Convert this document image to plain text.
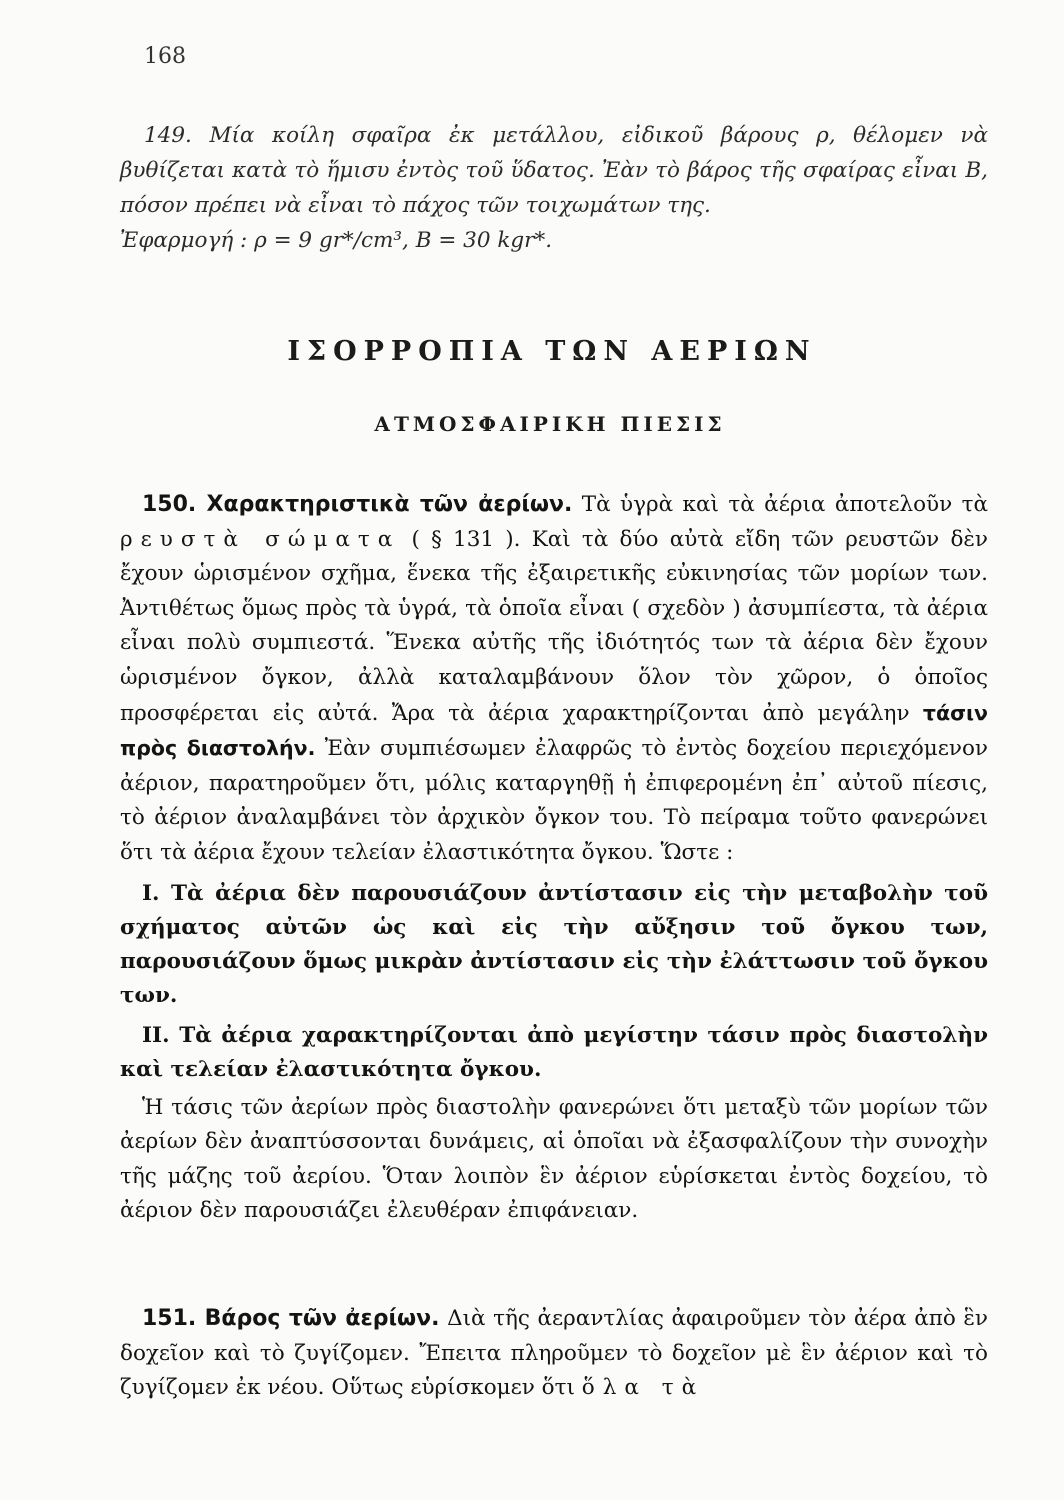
168

149. Μία κοίλη σφαῖρα ἐκ μετάλλου, εἰδικοῦ βάρους ρ, θέλομεν νὰ βυθίζεται κατὰ τὸ ἥμισυ ἐντὸς τοῦ ὕδατος. Ἐὰν τὸ βάρος τῆς σφαίρας εἶναι Β, πόσον πρέπει νὰ εἶναι τὸ πάχος τῶν τοιχωμάτων της.

Ἐφαρμογή : ρ = 9 gr*/cm³, Β = 30 kgr*.

ΙΣΟΡΡΟΠΙΑ ΤΩΝ ΑΕΡΙΩΝ
ΑΤΜΟΣΦΑΙΡΙΚΗ ΠΙΕΣΙΣ

150. Χαρακτηριστικὰ τῶν ἀερίων. Τὰ ὑγρὰ καὶ τὰ ἀέρια ἀποτελοῦν τὰ ρευστὰ σώματα ( § 131 ). Καὶ τὰ δύο αὐτὰ εἴδη τῶν ρευστῶν δὲν ἔχουν ὡρισμένον σχῆμα, ἕνεκα τῆς ἐξαιρετικῆς εὐκινησίας τῶν μορίων των. Ἀντιθέτως ὅμως πρὸς τὰ ὑγρά, τὰ ὁποῖα εἶναι ( σχεδὸν ) ἀσυμπίεστα, τὰ ἀέρια εἶναι πολὺ συμπιεστά. Ἕνεκα αὐτῆς τῆς ἰδιότητός των τὰ ἀέρια δὲν ἔχουν ὡρισμένον ὄγκον, ἀλλὰ καταλαμβάνουν ὅλον τὸν χῶρον, ὁ ὁποῖος προσφέρεται εἰς αὐτά. Ἄρα τὰ ἀέρια χαρακτηρίζονται ἀπὸ μεγάλην τάσιν πρὸς διαστολήν. Ἐὰν συμπιέσωμεν ἐλαφρῶς τὸ ἐντὸς δοχείου περιεχόμενον ἀέριον, παρατηροῦμεν ὅτι, μόλις καταργηθῇ ἡ ἐπιφερομένη ἐπ᾽ αὐτοῦ πίεσις, τὸ ἀέριον ἀναλαμβάνει τὸν ἀρχικὸν ὄγκον του. Τὸ πείραμα τοῦτο φανερώνει ὅτι τὰ ἀέρια ἔχουν τελείαν ἐλαστικότητα ὄγκου. Ὥστε :

I. Τὰ ἀέρια δὲν παρουσιάζουν ἀντίστασιν εἰς τὴν μεταβολὴν τοῦ σχήματος αὐτῶν ὡς καὶ εἰς τὴν αὔξησιν τοῦ ὄγκου των, παρουσιάζουν ὅμως μικρὰν ἀντίστασιν εἰς τὴν ἐλάττωσιν τοῦ ὄγκου των.

II. Τὰ ἀέρια χαρακτηρίζονται ἀπὸ μεγίστην τάσιν πρὸς διαστολὴν καὶ τελείαν ἐλαστικότητα ὄγκου.

Ἡ τάσις τῶν ἀερίων πρὸς διαστολὴν φανερώνει ὅτι μεταξὺ τῶν μορίων τῶν ἀερίων δὲν ἀναπτύσσονται δυνάμεις, αἱ ὁποῖαι νὰ ἐξασφαλίζουν τὴν συνοχὴν τῆς μάζης τοῦ ἀερίου. Ὅταν λοιπὸν ἓν ἀέριον εὑρίσκεται ἐντὸς δοχείου, τὸ ἀέριον δὲν παρουσιάζει ἐλευθέραν ἐπιφάνειαν.

151. Βάρος τῶν ἀερίων. Διὰ τῆς ἀεραντλίας ἀφαιροῦμεν τὸν ἀέρα ἀπὸ ἓν δοχεῖον καὶ τὸ ζυγίζομεν. Ἔπειτα πληροῦμεν τὸ δοχεῖον μὲ ἓν ἀέριον καὶ τὸ ζυγίζομεν ἐκ νέου. Οὕτως εὑρίσκομεν ὅτι ὅλα τὰ
